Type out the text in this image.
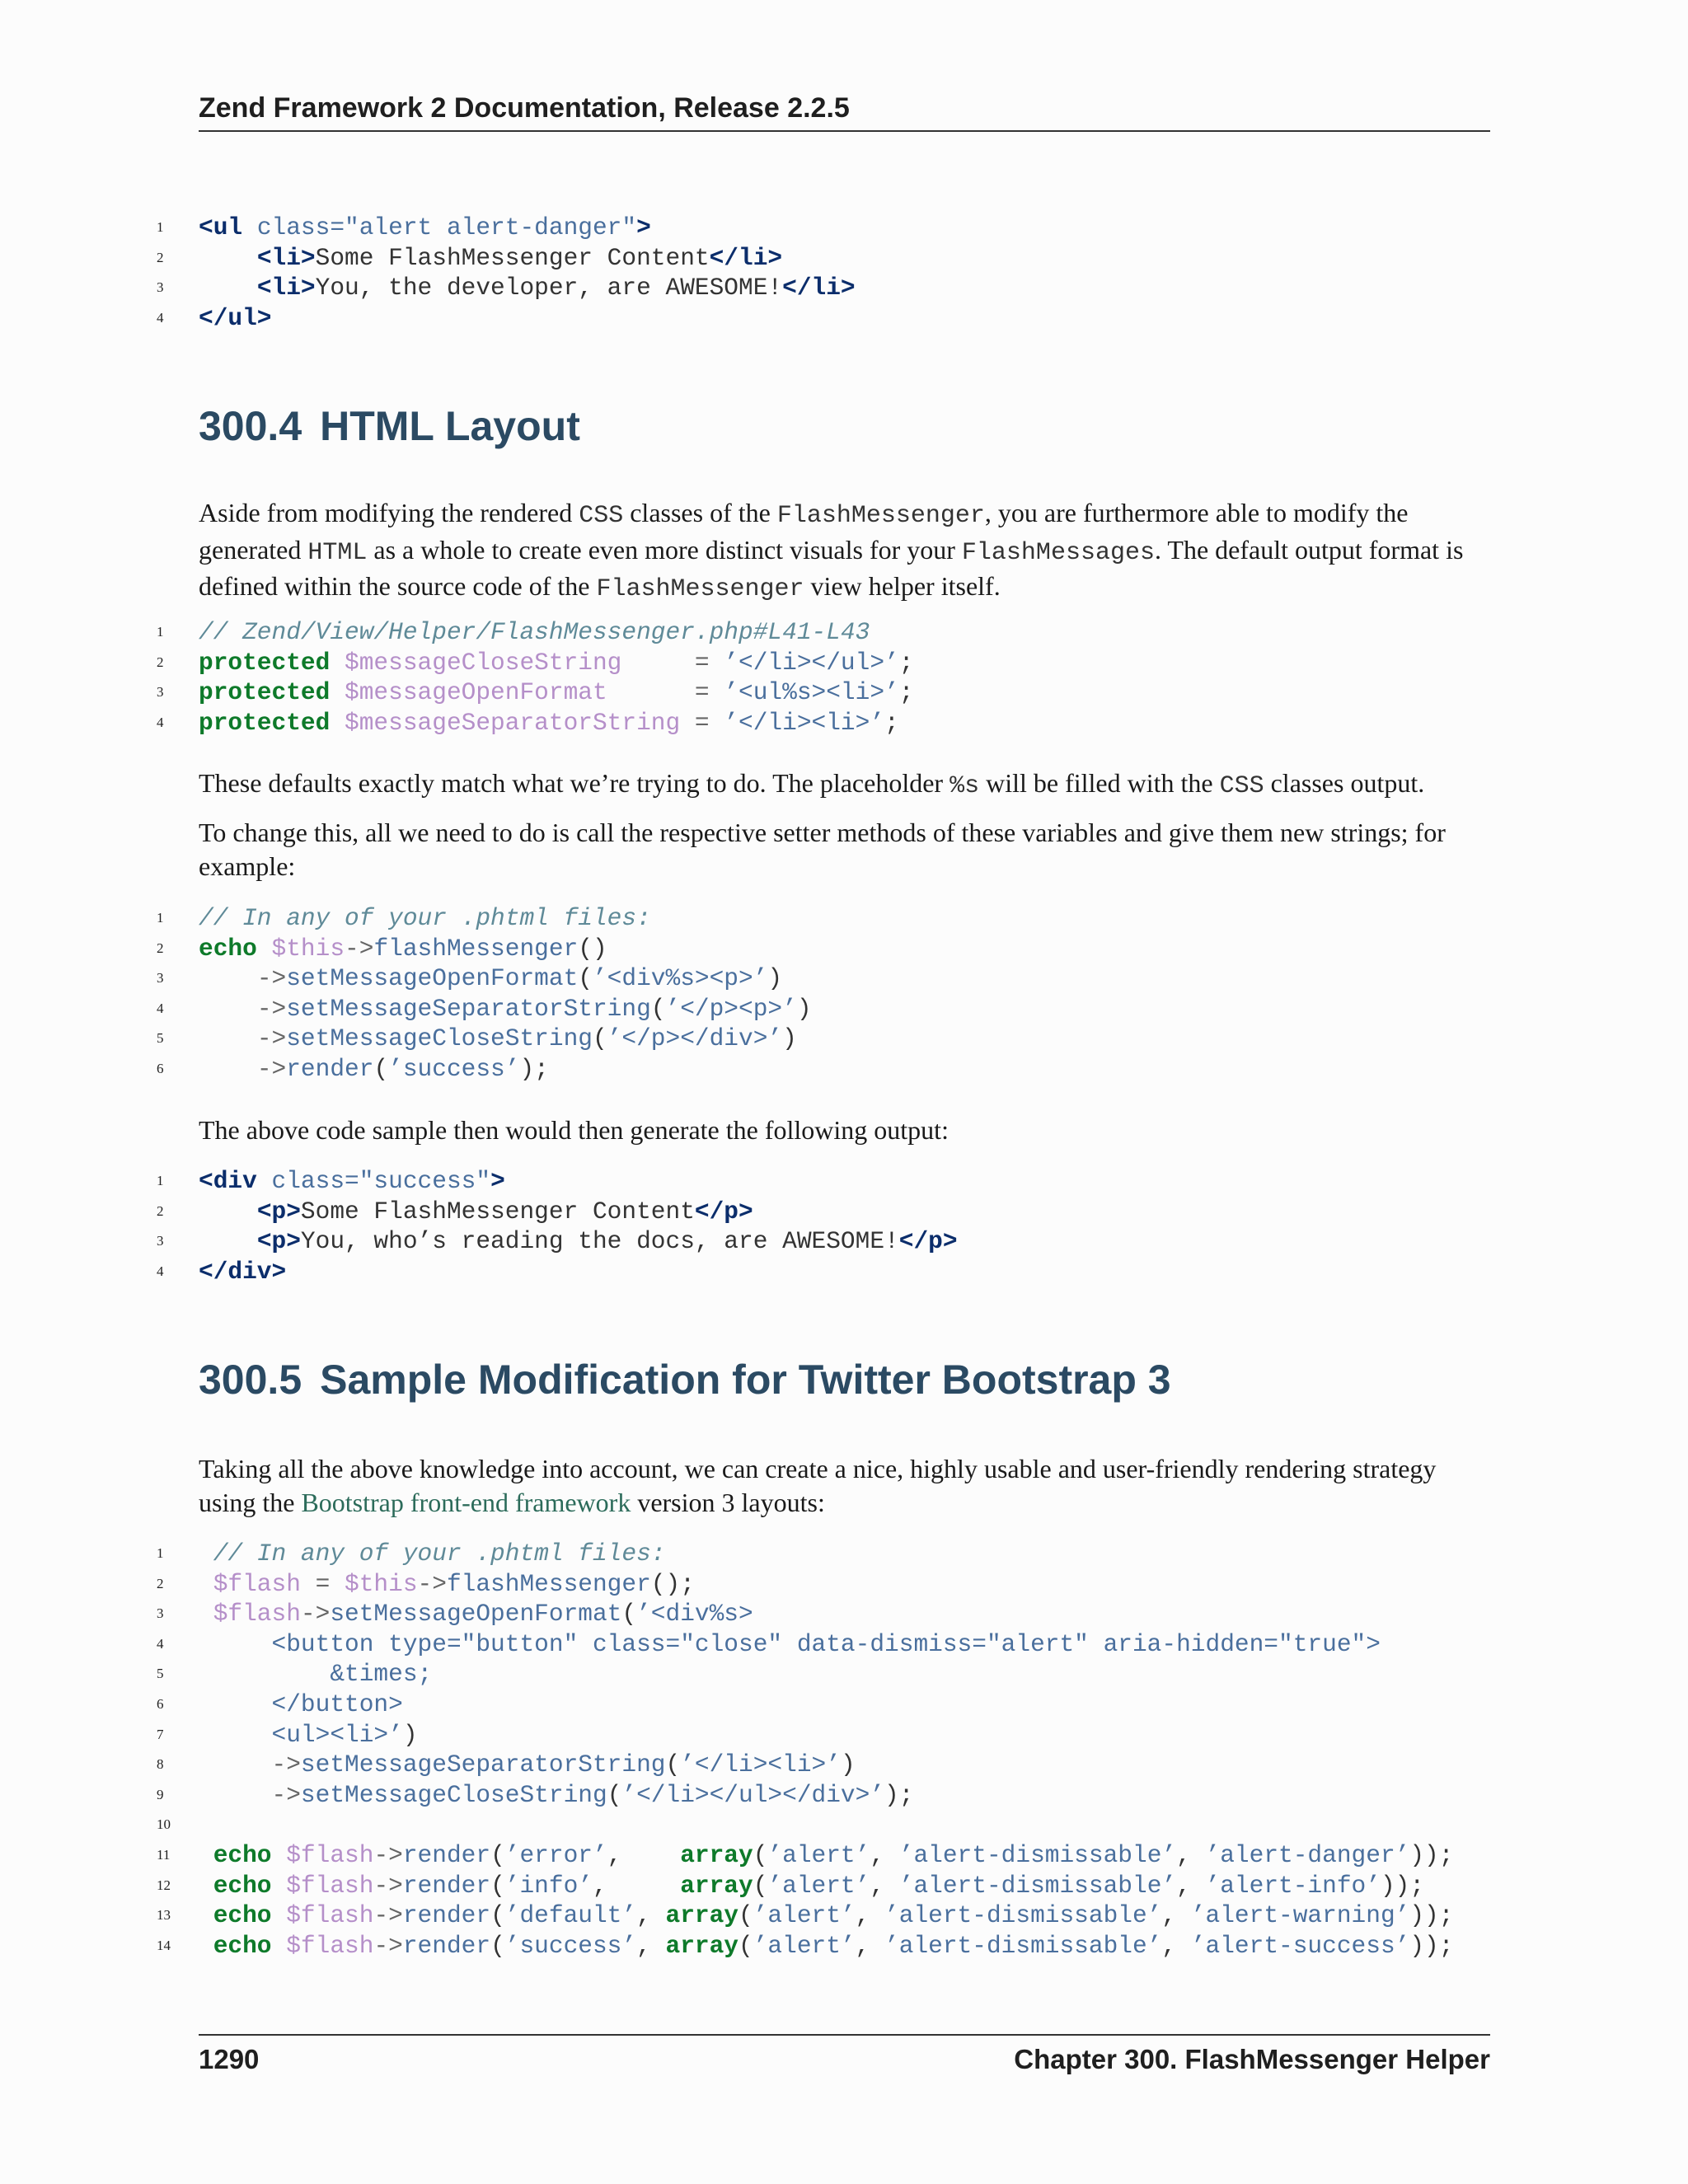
Zend Framework 2 Documentation, Release 2.2.5
1 <ul class="alert alert-danger">
2	<li>Some FlashMessenger Content</li>
3	<li>You, the developer, are AWESOME!</li>
4 </ul>
300.4 HTML Layout

Aside from modifying the rendered CSS classes of the FlashMessenger, you are furthermore able to modify the generated HTML as a whole to create even more distinct visuals for your FlashMessages. The default output format is defined within the source code of the FlashMessenger view helper itself.

1 // Zend/View/Helper/FlashMessenger.php#L41-L43
2 protected $messageCloseString	= ’</li></ul>’;
3 protected $messageOpenFormat	= ’<ul%s><li>’;
4 protected $messageSeparatorString = ’</li><li>’;

These defaults exactly match what we’re trying to do. The placeholder %s will be filled with the CSS classes output.

To change this, all we need to do is call the respective setter methods of these variables and give them new strings; for example:

1 // In any of your .phtml files:
2 echo $this->flashMessenger()
3	->setMessageOpenFormat(’<div%s><p>’)
4	->setMessageSeparatorString(’</p><p>’)
5	->setMessageCloseString(’</p></div>’)
6	->render(’success’);

The above code sample then would then generate the following output:

1 <div class="success">
2	<p>Some FlashMessenger Content</p>
3	<p>You, who’s reading the docs, are AWESOME!</p>
4 </div>
300.5 Sample Modification for Twitter Bootstrap 3

Taking all the above knowledge into account, we can create a nice, highly usable and user-friendly rendering strategy using the Bootstrap front-end framework version 3 layouts:

1 // In any of your .phtml files:
2 $flash = $this->flashMessenger();
3 $flash->setMessageOpenFormat(’<div%s>
4     <button type="button" class="close" data-dismiss="alert" aria-hidden="true">
5         &times;
6     </button>
7     <ul><li>’)
8	->setMessageSeparatorString(’</li><li>’)
9	->setMessageCloseString(’</li></ul></div>’);
10
11 echo $flash->render(’error’,    array(’alert’, ’alert-dismissable’, ’alert-danger’));
12 echo $flash->render(’info’,     array(’alert’, ’alert-dismissable’, ’alert-info’));
13 echo $flash->render(’default’, array(’alert’, ’alert-dismissable’, ’alert-warning’));
14 echo $flash->render(’success’, array(’alert’, ’alert-dismissable’, ’alert-success’));
1290	Chapter 300. FlashMessenger Helper
